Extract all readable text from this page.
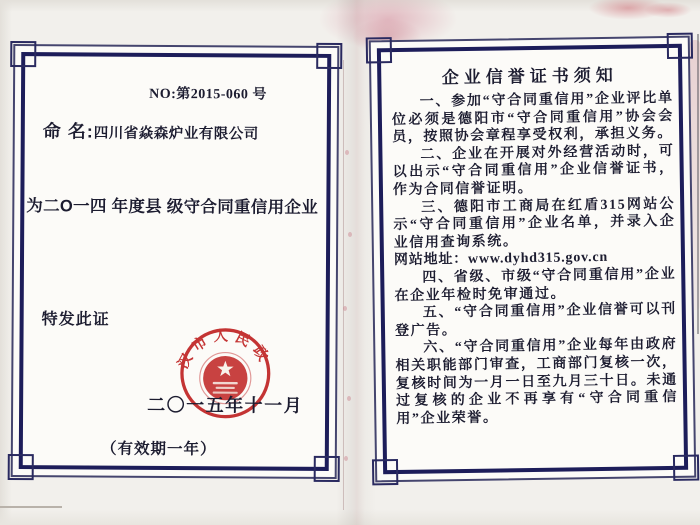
NO:第2015-060 号
命 名:四川省焱森炉业有限公司
为二O一四 年度县 级守合同重信用企业
特发此证
汉市人民政
二〇一五年十一月
（有效期一年）
企业信誉证书须知

一、参加“守合同重信用”企业评比单位必须是德阳市“守合同重信用”协会会员，按照协会章程享受权利，承担义务。

二、企业在开展对外经营活动时，可以出示“守合同重信用”企业信誉证书，作为合同信誉证明。

三、德阳市工商局在红盾315网站公示“守合同重信用”企业名单，并录入企业信用查询系统。

网站地址：www.dyhd315.gov.cn

四、省级、市级“守合同重信用”企业在企业年检时免审通过。

五、“守合同重信用”企业信誉可以刊登广告。

六、“守合同重信用”企业每年由政府相关职能部门审查，工商部门复核一次，复核时间为一月一日至九月三十日。未通过复核的企业不再享有“守合同重信用”企业荣誉。
